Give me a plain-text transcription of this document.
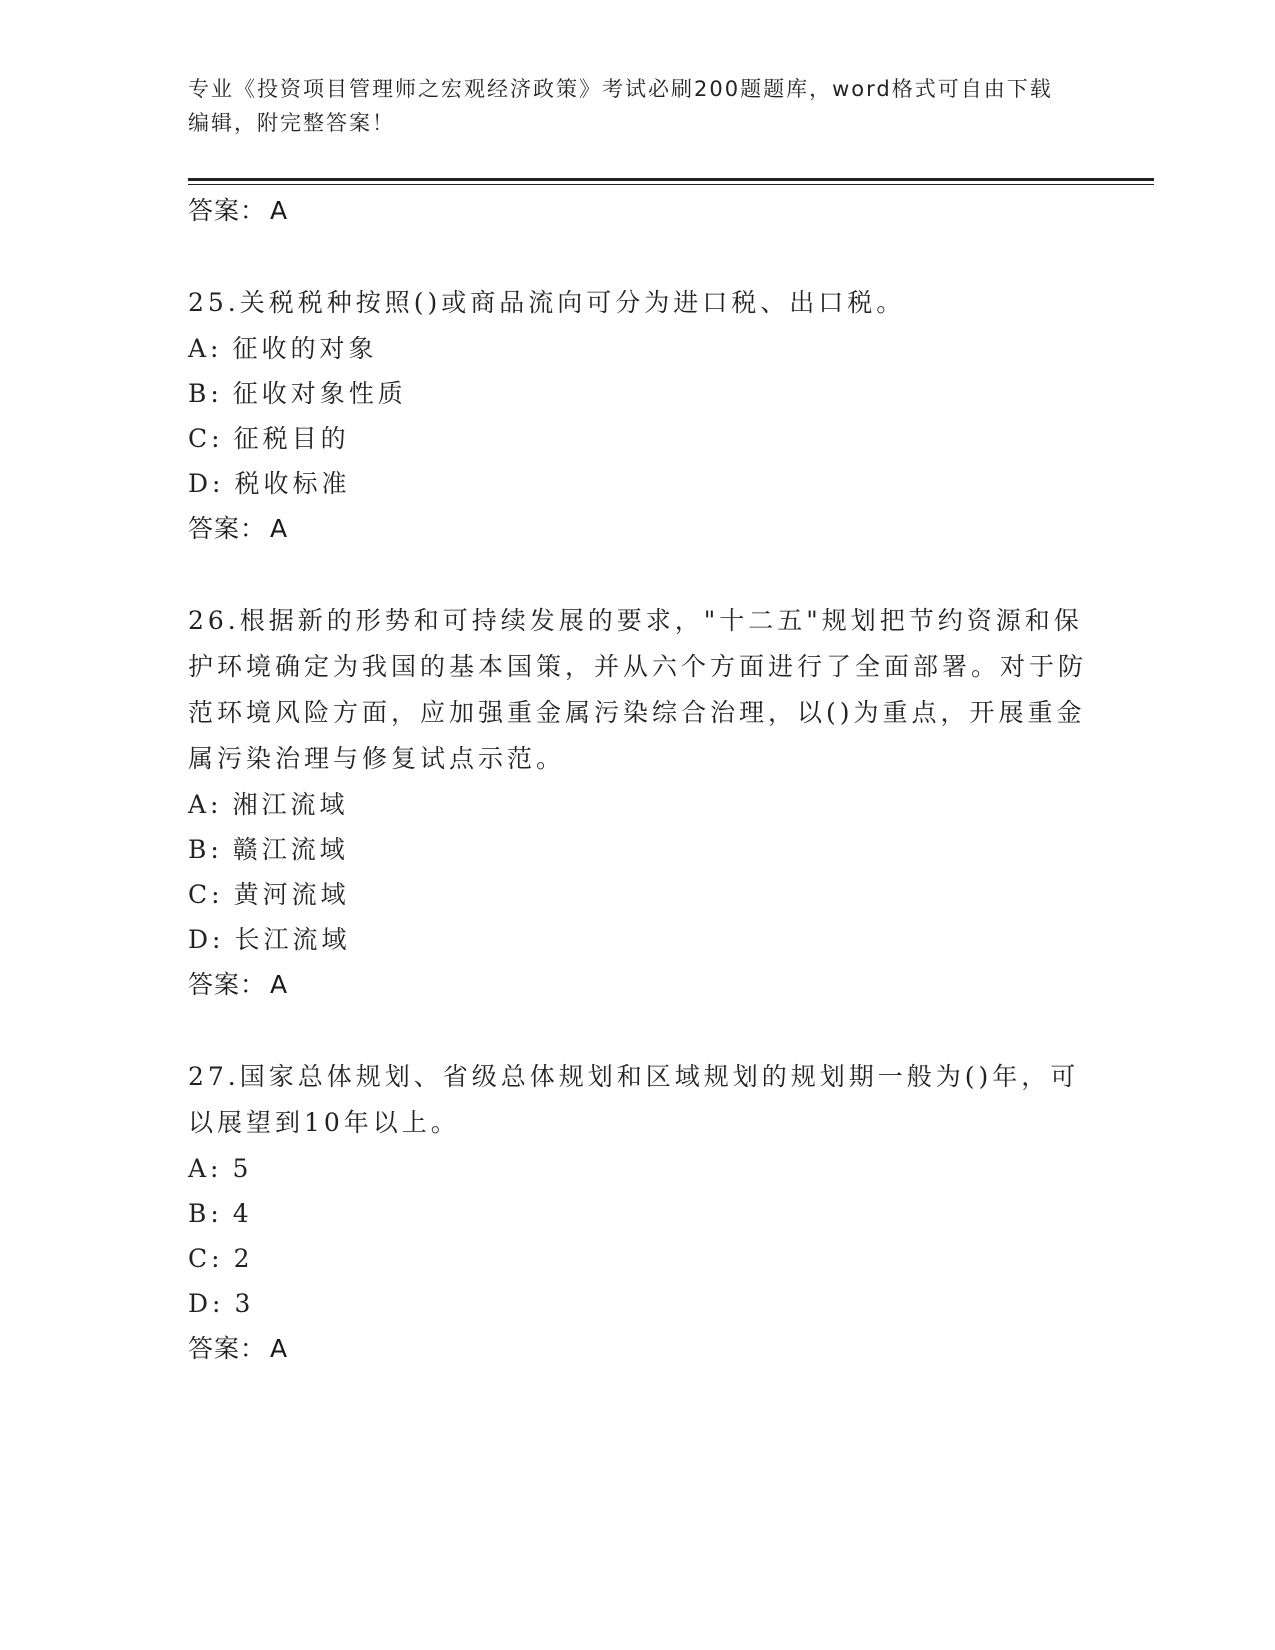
专业《投资项目管理师之宏观经济政策》考试必刷200题题库，word格式可自由下载编辑，附完整答案！
答案： A

25.关税税种按照()或商品流向可分为进口税、出口税。

A: 征收的对象
B: 征收对象性质
C: 征税目的
D: 税收标准
答案： A

26.根据新的形势和可持续发展的要求，"十二五"规划把节约资源和保护环境确定为我国的基本国策，并从六个方面进行了全面部署。对于防范环境风险方面，应加强重金属污染综合治理，以()为重点，开展重金属污染治理与修复试点示范。

A: 湘江流域
B: 赣江流域
C: 黄河流域
D: 长江流域
答案： A

27.国家总体规划、省级总体规划和区域规划的规划期一般为()年，可以展望到10年以上。

A: 5
B: 4
C: 2
D: 3
答案： A
